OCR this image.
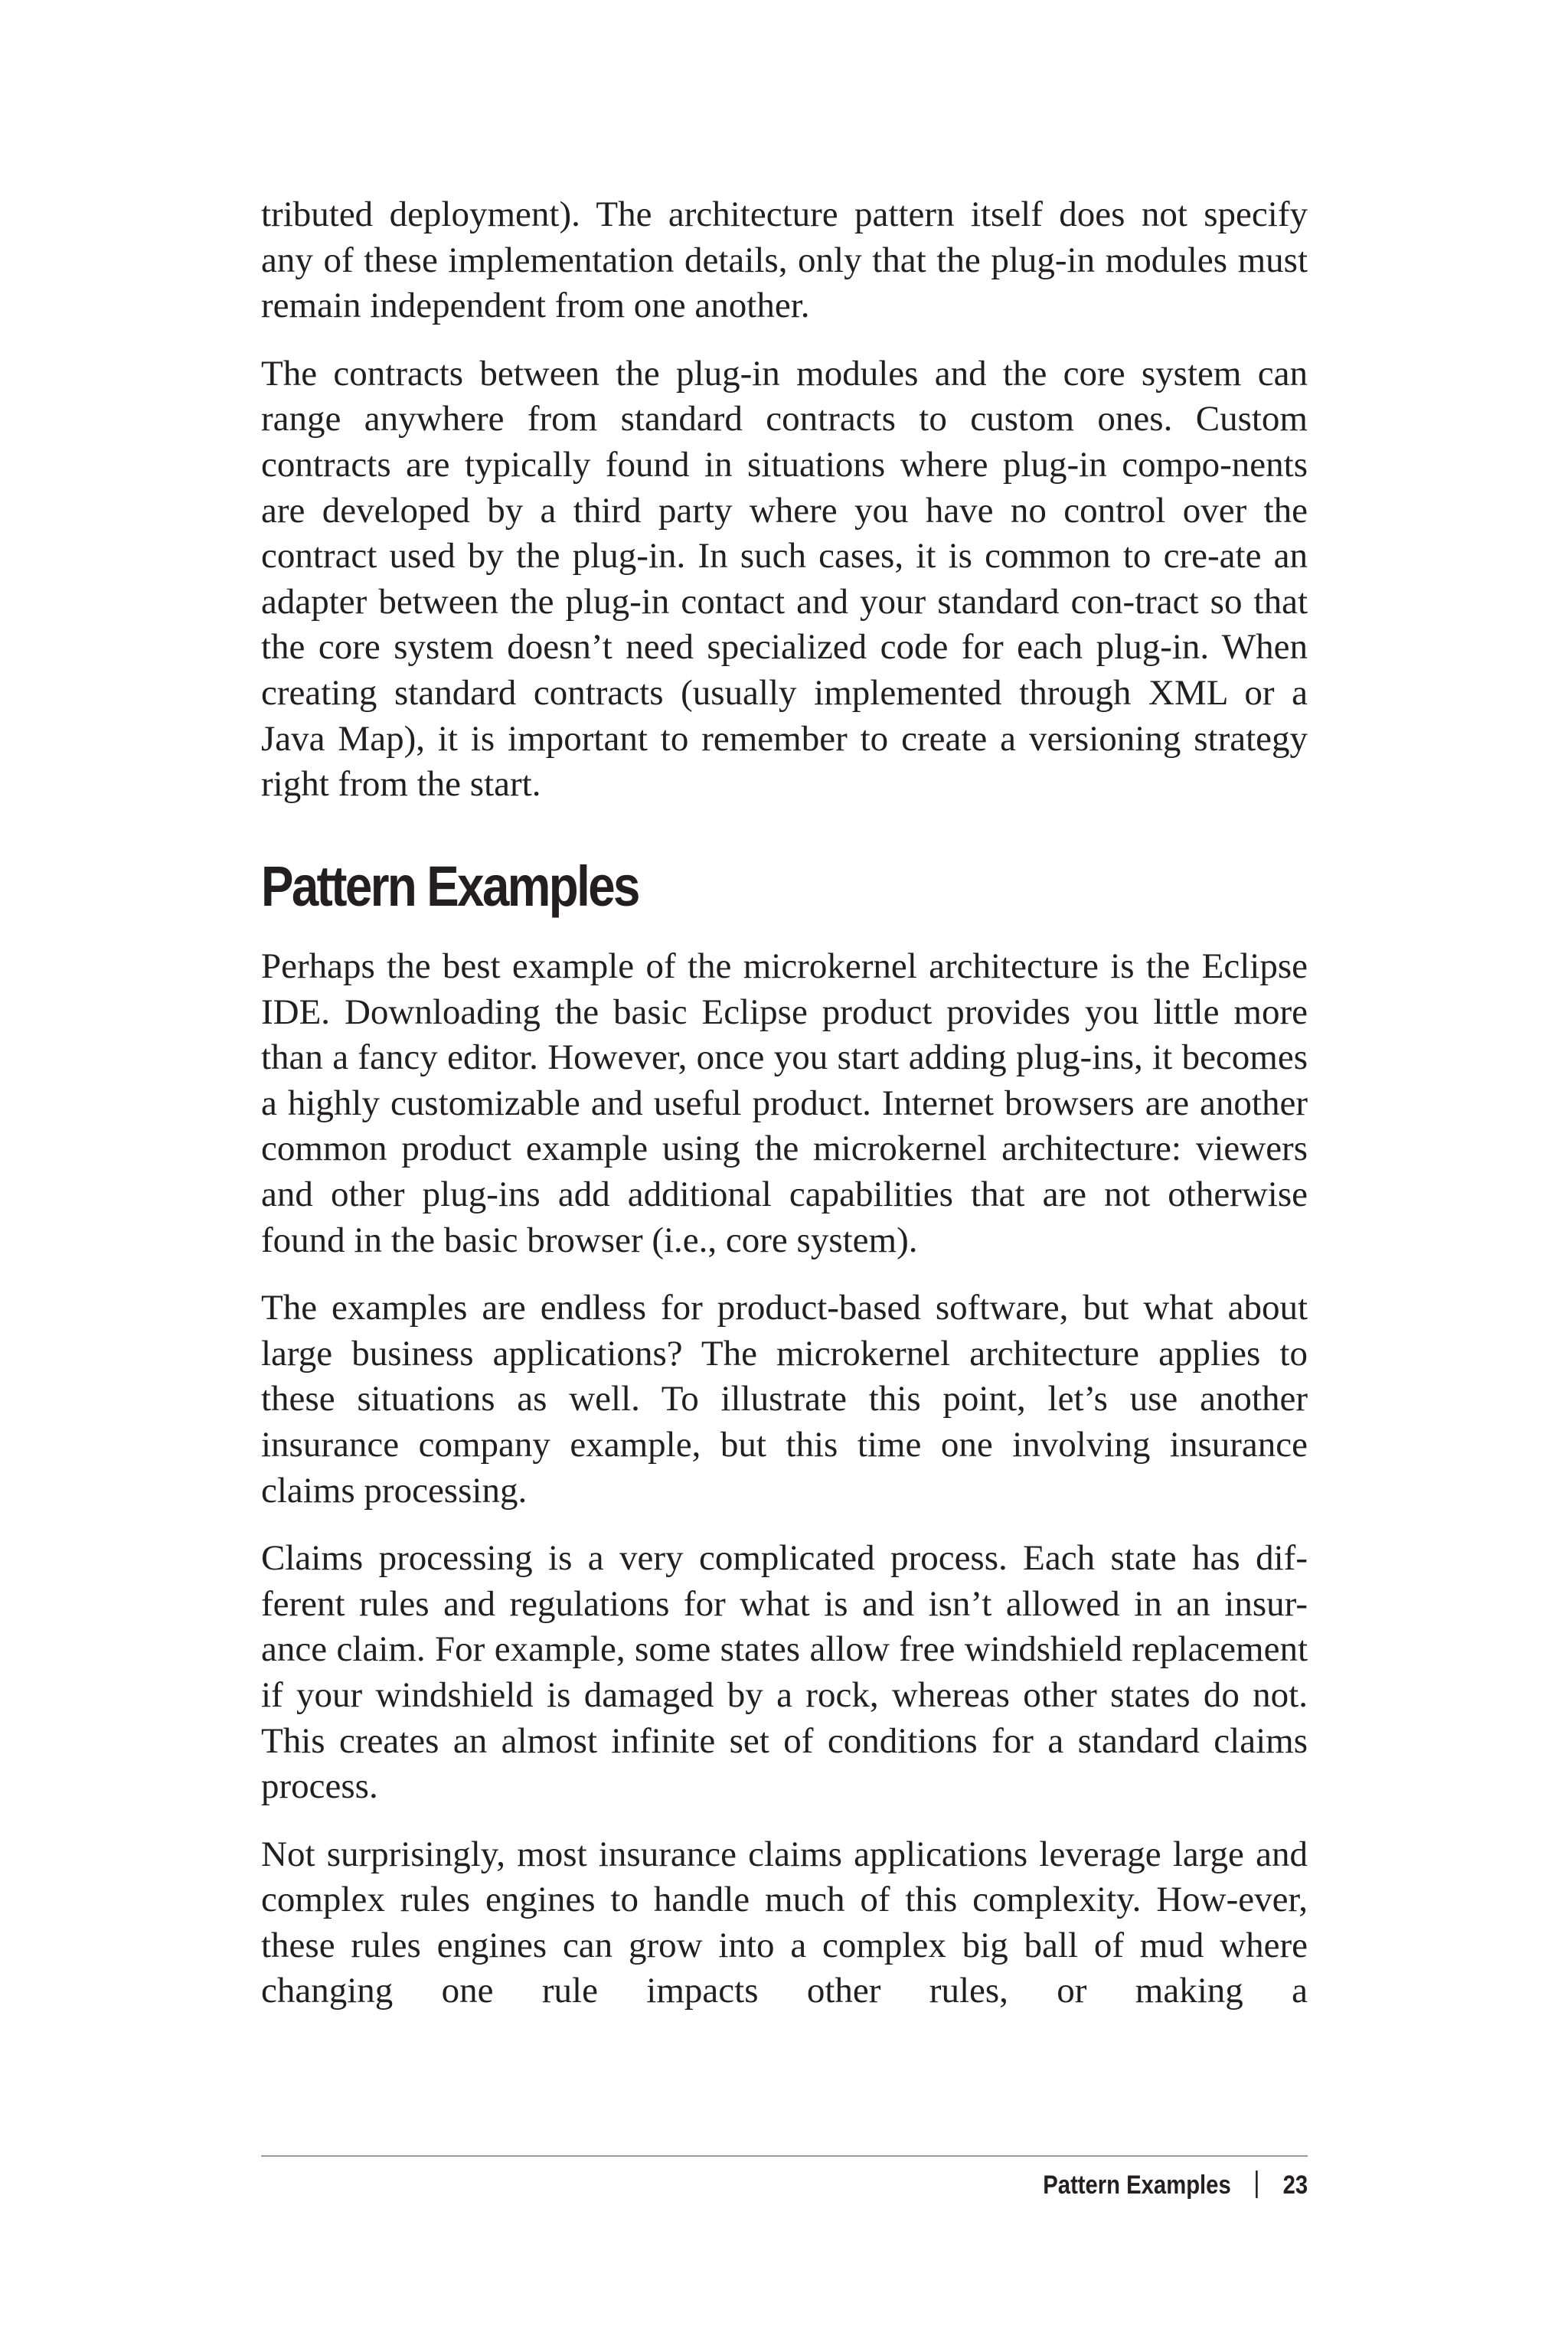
tributed deployment). The architecture pattern itself does not specify any of these implementation details, only that the plug-in modules must remain independent from one another.

The contracts between the plug-in modules and the core system can range anywhere from standard contracts to custom ones. Custom contracts are typically found in situations where plug-in compo-nents are developed by a third party where you have no control over the contract used by the plug-in. In such cases, it is common to cre-ate an adapter between the plug-in contact and your standard con-tract so that the core system doesn’t need specialized code for each plug-in. When creating standard contracts (usually implemented through XML or a Java Map), it is important to remember to create a versioning strategy right from the start.

Pattern Examples

Perhaps the best example of the microkernel architecture is the Eclipse IDE. Downloading the basic Eclipse product provides you little more than a fancy editor. However, once you start adding plug-ins, it becomes a highly customizable and useful product. Internet browsers are another common product example using the microkernel architecture: viewers and other plug-ins add additional capabilities that are not otherwise found in the basic browser (i.e., core system).

The examples are endless for product-based software, but what about large business applications? The microkernel architecture applies to these situations as well. To illustrate this point, let’s use another insurance company example, but this time one involving insurance claims processing.

Claims processing is a very complicated process. Each state has dif-ferent rules and regulations for what is and isn’t allowed in an insur-ance claim. For example, some states allow free windshield replacement if your windshield is damaged by a rock, whereas other states do not. This creates an almost infinite set of conditions for a standard claims process.

Not surprisingly, most insurance claims applications leverage large and complex rules engines to handle much of this complexity. How-ever, these rules engines can grow into a complex big ball of mud where changing one rule impacts other rules, or making a

Pattern Examples 23
